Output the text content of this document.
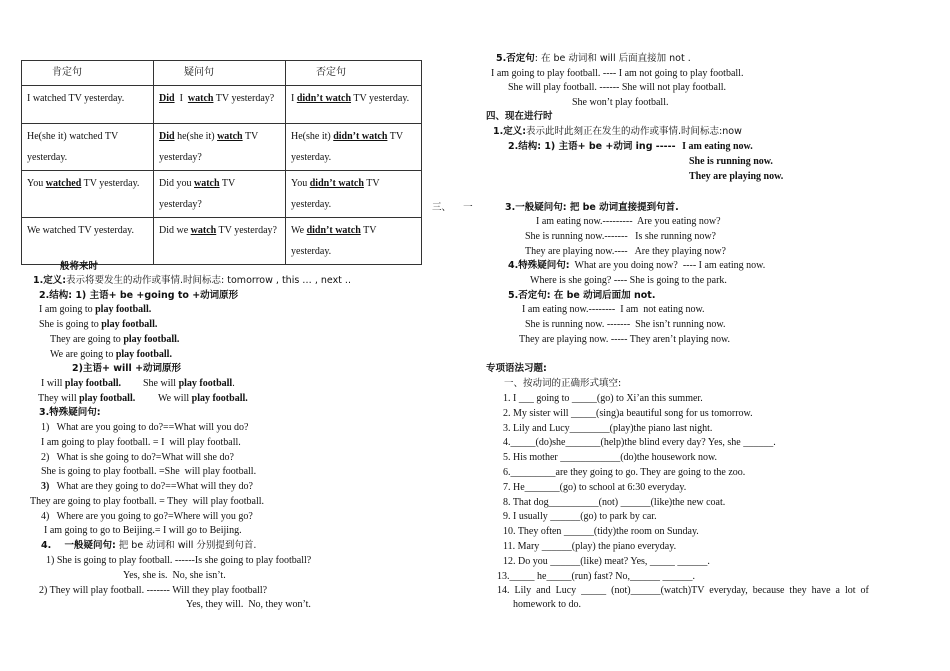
肯定句	疑问句	否定句
I watched TV yesterday.	Did  I  watch TV yesterday?	I didn’t watch TV yesterday.
He(she it) watched TV yesterday.	Did he(she it) watch TV yesterday?	He(she it) didn’t watch TV yesterday.
You watched TV yesterday.	Did you watch TV yesterday?	You didn’t watch TV yesterday.
We watched TV yesterday.	Did we watch TV yesterday?	We didn’t watch TV yesterday.
般将来时
1.定义:表示将要发生的动作或事情.时间标志: tomorrow , this … , next ..
2.结构: 1) 主语+ be +going to +动词原形
I am going to play football.
She is going to play football.
They are going to play football.
We are going to play football.
2)主语+ will +动词原形
I will play football. She will play football.
They will play football. We will play football.
3.特殊疑问句:
1)   What are you going to do?==What will you do?
I am going to play football. = I  will play football.
2)   What is she going to do?=What will she do?
She is going to play football. =She  will play football.
3)   What are they going to do?==What will they do?
They are going to play football. = They  will play football.
4)   Where are you going to go?=Where will you go?
I am going to go to Beijing.= I will go to Beijing.
4.    一般疑问句: 把 be 动词和 will 分别提到句首.
1) She is going to play football. ------Is she going to play football?
Yes, she is.  No, she isn’t.
2) They will play football. ------- Will they play football?
Yes, they will.  No, they won’t.
三、    一
5.否定句: 在 be 动词和 will 后面直接加 not .
I am going to play football. ---- I am not going to play football.
She will play football. ------ She will not play football.
She won’t play football.
四、现在进行时
1.定义:表示此时此刻正在发生的动作或事情.时间标志:now
2.结构: 1) 主语+ be +动词 ing -----  I am eating now.
She is running now.
They are playing now.
3.一般疑问句: 把 be 动词直接提到句首.
I am eating now.---------  Are you eating now?
She is running now.-------   Is she running now?
They are playing now.----   Are they playing now?
4.特殊疑问句:  What are you doing now?  ---- I am eating now.
Where is she going? ---- She is going to the park.
5.否定句: 在 be 动词后面加 not.
I am eating now.--------  I am  not eating now.
She is running now. -------  She isn’t running now.
They are playing now. ----- They aren’t playing now.
专项语法习题:
一、按动词的正确形式填空:
1. I ___ going to _____(go) to Xi’an this summer.
2. My sister will _____(sing)a beautiful song for us tomorrow.
3. Lily and Lucy________(play)the piano last night.
4._____(do)she_______(help)the blind every day? Yes, she ______.
5. His mother ____________(do)the housework now.
6._________are they going to go. They are going to the zoo.
7. He_______(go) to school at 6:30 everyday.
8. That dog__________(not) ______(like)the new coat.
9. I usually ______(go) to park by car.
10. They often ______(tidy)the room on Sunday.
11. Mary ______(play) the piano everyday.
12. Do you ______(like) meat? Yes, _____ ______.
13._____ he_____(run) fast? No,______ ______.
14.  Lily  and  Lucy  _____  (not)______(watch)TV  everyday,  because  they  have  a  lot  of
homework to do.
